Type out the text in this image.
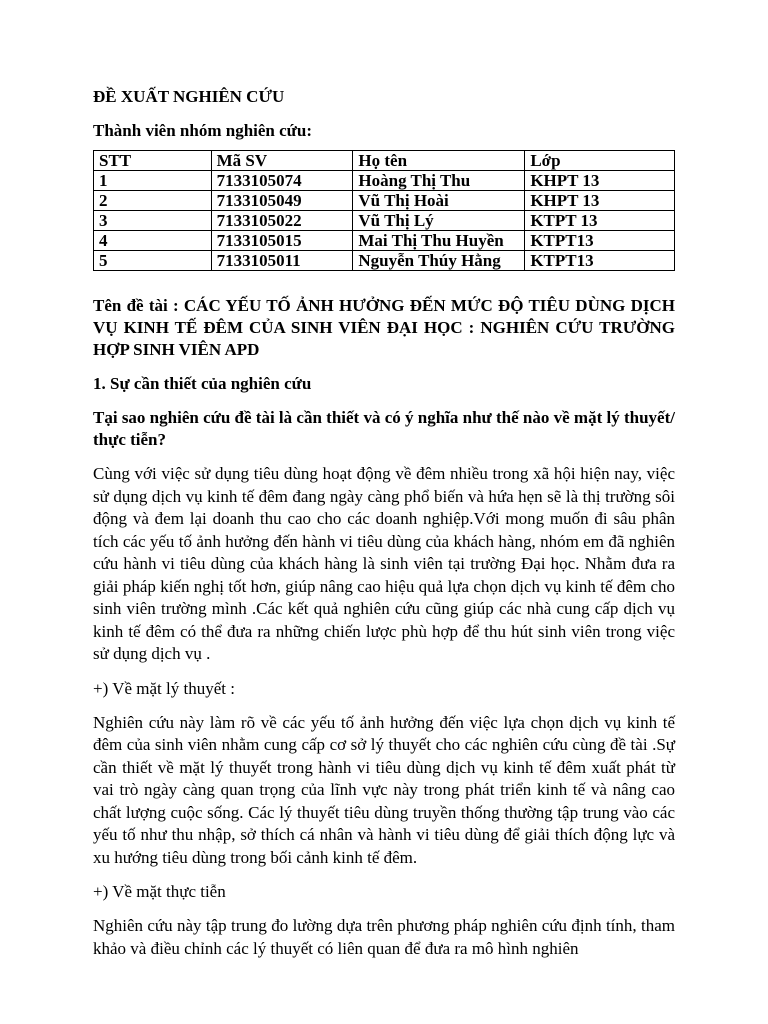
ĐỀ XUẤT NGHIÊN CỨU

Thành viên nhóm nghiên cứu:

STT	Mã SV	Họ tên	Lớp
1	7133105074	Hoàng Thị Thu	KHPT 13
2	7133105049	Vũ Thị Hoài	KHPT 13
3	7133105022	Vũ Thị Lý	KTPT 13
4	7133105015	Mai Thị Thu Huyền	KTPT13
5	7133105011	Nguyễn Thúy Hằng	KTPT13

Tên đề tài : CÁC YẾU TỐ ẢNH HƯỞNG ĐẾN MỨC ĐỘ TIÊU DÙNG DỊCH VỤ KINH TẾ ĐÊM CỦA SINH VIÊN ĐẠI HỌC : NGHIÊN CỨU TRƯỜNG HỢP SINH VIÊN APD

1. Sự cần thiết của nghiên cứu

Tại sao nghiên cứu đề tài là cần thiết và có ý nghĩa như thế nào về mặt lý thuyết/ thực tiễn?

Cùng với việc sử dụng tiêu dùng hoạt động về đêm nhiều trong xã hội hiện nay, việc sử dụng dịch vụ kinh tế đêm đang ngày càng phổ biến và hứa hẹn sẽ là thị trường sôi động và đem lại doanh thu cao cho các doanh nghiệp.Với mong muốn đi sâu phân tích các yếu tố ảnh hưởng đến hành vi tiêu dùng của khách hàng, nhóm em đã nghiên cứu hành vi tiêu dùng của khách hàng là sinh viên tại trường Đại học. Nhằm đưa ra giải pháp kiến nghị tốt hơn, giúp nâng cao hiệu quả lựa chọn dịch vụ kinh tế đêm cho sinh viên trường mình .Các kết quả nghiên cứu cũng giúp các nhà cung cấp dịch vụ kinh tế đêm có thể đưa ra những chiến lược phù hợp để thu hút sinh viên trong việc sử dụng dịch vụ .

+) Về mặt lý thuyết :

Nghiên cứu này làm rõ về các yếu tố ảnh hưởng đến việc lựa chọn dịch vụ kinh tế đêm của sinh viên nhằm cung cấp cơ sở lý thuyết cho các nghiên cứu cùng đề tài .Sự cần thiết về mặt lý thuyết trong hành vi tiêu dùng dịch vụ kinh tế đêm xuất phát từ vai trò ngày càng quan trọng của lĩnh vực này trong phát triển kinh tế và nâng cao chất lượng cuộc sống. Các lý thuyết tiêu dùng truyền thống thường tập trung vào các yếu tố như thu nhập, sở thích cá nhân và hành vi tiêu dùng để giải thích động lực và xu hướng tiêu dùng trong bối cảnh kinh tế đêm.

+) Về mặt thực tiễn

Nghiên cứu này tập trung đo lường dựa trên phương pháp nghiên cứu định tính, tham khảo và điều chỉnh các lý thuyết có liên quan để đưa ra mô hình nghiên
